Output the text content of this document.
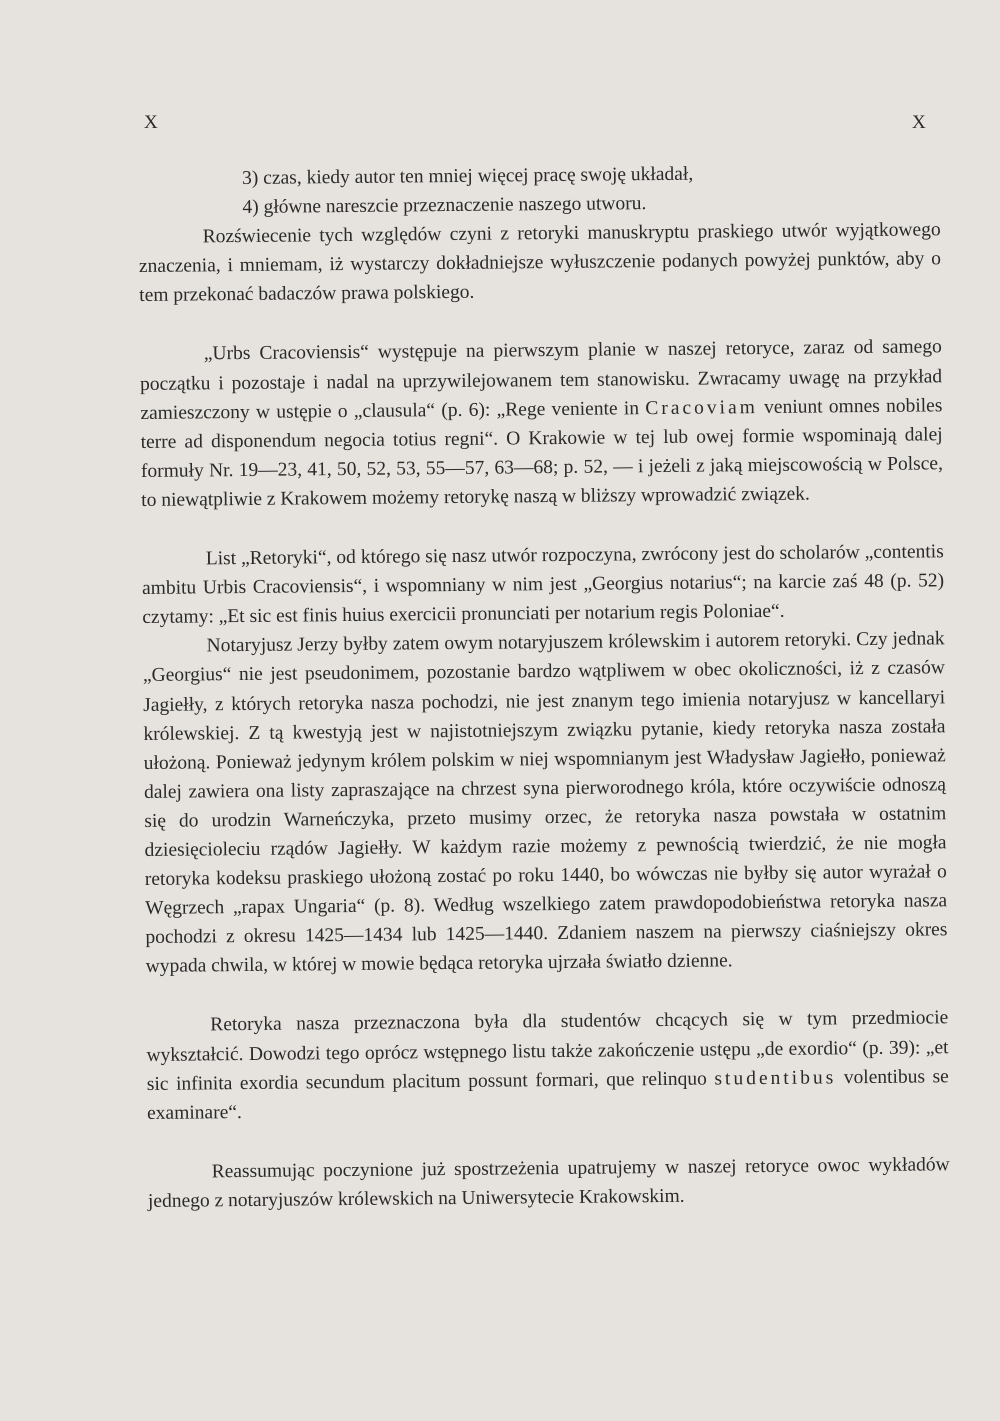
X	X

3) czas, kiedy autor ten mniej więcej pracę swoję układał,

4) główne nareszcie przeznaczenie naszego utworu.

Rozświecenie tych względów czyni z retoryki manuskryptu praskiego utwór wyjątkowego znaczenia, i mniemam, iż wystarczy dokładniejsze wyłuszczenie podanych powyżej punktów, aby o tem przekonać badaczów prawa polskiego.

„Urbs Cracoviensis“ występuje na pierwszym planie w naszej retoryce, zaraz od samego początku i pozostaje i nadal na uprzywilejowanem tem stanowisku. Zwracamy uwagę na przykład zamieszczony w ustępie o „clausula“ (p. 6): „Rege veniente in Cracoviam veniunt omnes nobiles terre ad disponendum negocia totius regni“. O Krakowie w tej lub owej formie wspominają dalej formuły Nr. 19—23, 41, 50, 52, 53, 55—57, 63—68; p. 52, — i jeżeli z jaką miejscowością w Polsce, to niewątpliwie z Krakowem możemy retorykę naszą w bliższy wprowadzić związek.

List „Retoryki“, od którego się nasz utwór rozpoczyna, zwrócony jest do scholarów „contentis ambitu Urbis Cracoviensis“, i wspomniany w nim jest „Georgius notarius“; na karcie zaś 48 (p. 52) czytamy: „Et sic est finis huius exercicii pronunciati per notarium regis Poloniae“.

Notaryjusz Jerzy byłby zatem owym notaryjuszem królewskim i autorem retoryki. Czy jednak „Georgius“ nie jest pseudonimem, pozostanie bardzo wątpliwem w obec okoliczności, iż z czasów Jagiełły, z których retoryka nasza pochodzi, nie jest znanym tego imienia notaryjusz w kancellaryi królewskiej. Z tą kwestyją jest w najistotniejszym związku pytanie, kiedy retoryka nasza została ułożoną. Ponieważ jedynym królem polskim w niej wspomnianym jest Władysław Jagiełło, ponieważ dalej zawiera ona listy zapraszające na chrzest syna pierworodnego króla, które oczywiście odnoszą się do urodzin Warneńczyka, przeto musimy orzec, że retoryka nasza powstała w ostatnim dziesięcioleciu rządów Jagiełły. W każdym razie możemy z pewnością twierdzić, że nie mogła retoryka kodeksu praskiego ułożoną zostać po roku 1440, bo wówczas nie byłby się autor wyrażał o Węgrzech „rapax Ungaria“ (p. 8). Według wszelkiego zatem prawdopodobieństwa retoryka nasza pochodzi z okresu 1425—1434 lub 1425—1440. Zdaniem naszem na pierwszy ciaśniejszy okres wypada chwila, w której w mowie będąca retoryka ujrzała światło dzienne.

Retoryka nasza przeznaczona była dla studentów chcących się w tym przedmiocie wykształcić. Dowodzi tego oprócz wstępnego listu także zakończenie ustępu „de exordio“ (p. 39): „et sic infinita exordia secundum placitum possunt formari, que relinquo studentibus volentibus se examinare“.

Reassumując poczynione już spostrzeżenia upatrujemy w naszej retoryce owoc wykładów jednego z notaryjuszów królewskich na Uniwersytecie Krakowskim.
